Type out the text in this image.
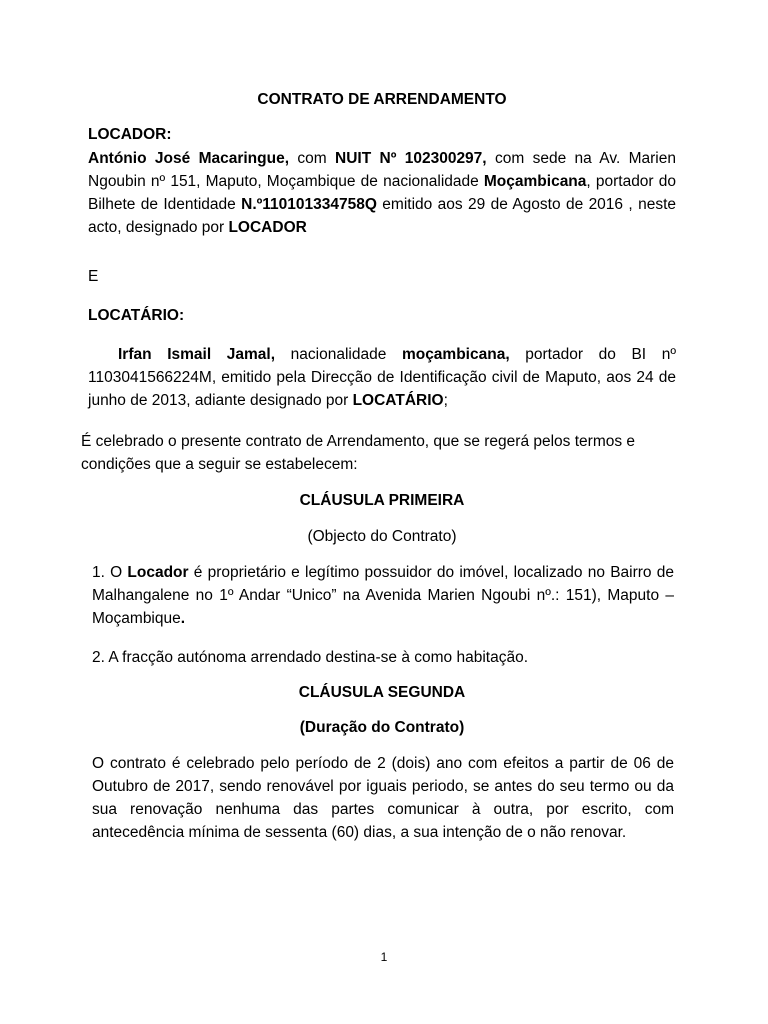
CONTRATO DE ARRENDAMENTO

LOCADOR:

António José Macaringue, com NUIT Nº 102300297, com sede na Av. Marien Ngoubin nº 151, Maputo, Moçambique de nacionalidade Moçambicana, portador do Bilhete de Identidade N.º110101334758Q emitido aos 29 de Agosto de 2016 , neste acto, designado por LOCADOR

E

LOCATÁRIO:

Irfan Ismail Jamal, nacionalidade moçambicana, portador do BI nº 1103041566224M, emitido pela Direcção de Identificação civil de Maputo, aos 24 de junho de 2013, adiante designado por LOCATÁRIO;

É celebrado o presente contrato de Arrendamento, que se regerá pelos termos e condições que a seguir se estabelecem:

CLÁUSULA PRIMEIRA

(Objecto do Contrato)

1. O Locador é proprietário e legítimo possuidor do imóvel, localizado no Bairro de Malhangalene no 1º Andar “Unico” na Avenida Marien Ngoubi nº.: 151), Maputo – Moçambique.

2. A fracção autónoma arrendado destina-se à como habitação.

CLÁUSULA SEGUNDA

(Duração do Contrato)

O contrato é celebrado pelo período de 2 (dois) ano com efeitos a partir de 06 de Outubro de 2017, sendo renovável por iguais periodo, se antes do seu termo ou da sua renovação nenhuma das partes comunicar à outra, por escrito, com antecedência mínima de sessenta (60) dias, a sua intenção de o não renovar.

1
